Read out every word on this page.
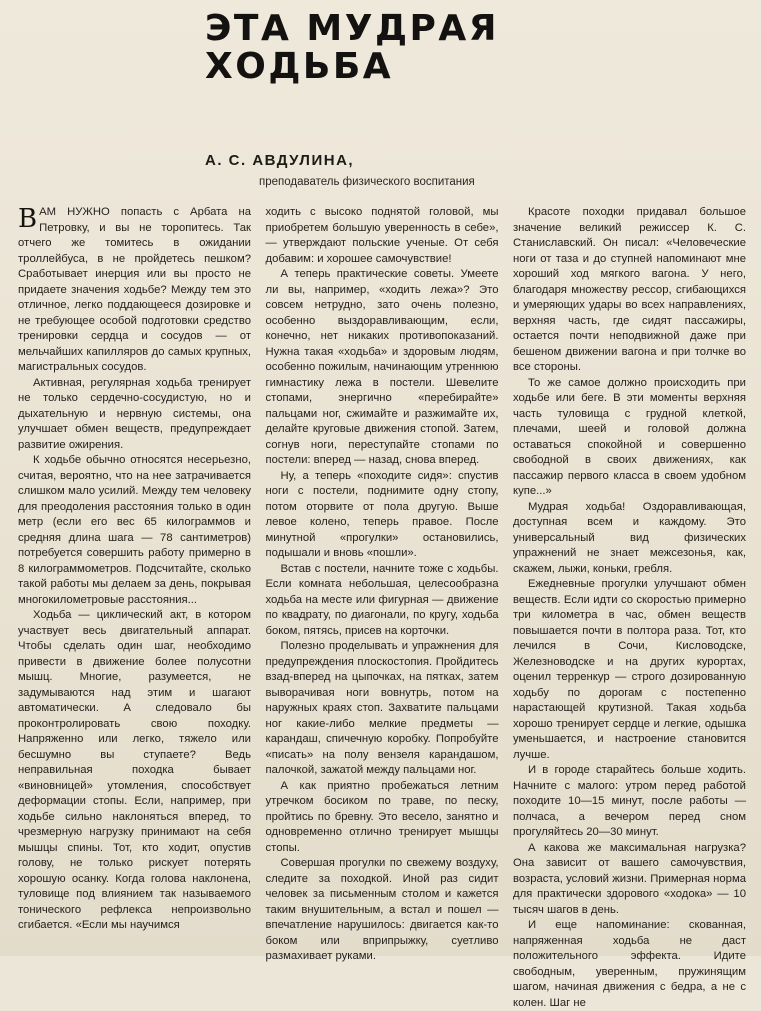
ЭТА МУДРАЯ
ХОДЬБА
А. С. АВДУЛИНА,
преподаватель физического воспитания

ВАМ НУЖНО попасть с Арбата на Петровку, и вы не торопитесь. Так отчего же томитесь в ожидании троллейбуса, в не пройдетесь пешком? Сработывает инерция или вы просто не придаете значения ходьбе? Между тем это отличное, легко поддающееся дозировке и не требующее особой подготовки средство тренировки сердца и сосудов — от мельчайших капилляров до самых крупных, магистральных сосудов.

Активная, регулярная ходьба тренирует не только сердечно-сосудистую, но и дыхательную и нервную системы, она улучшает обмен веществ, предупреждает развитие ожирения.

К ходьбе обычно относятся несерьезно, считая, вероятно, что на нее затрачивается слишком мало усилий. Между тем человеку для преодоления расстояния только в один метр (если его вес 65 килограммов и средняя длина шага — 78 сантиметров) потребуется совершить работу примерно в 8 килограммометров. Подсчитайте, сколько такой работы мы делаем за день, покрывая многокилометровые расстояния...

Ходьба — циклический акт, в котором участвует весь двигательный аппарат. Чтобы сделать один шаг, необходимо привести в движение более полусотни мышц. Многие, разумеется, не задумываются над этим и шагают автоматически. А следовало бы проконтролировать свою походку. Напряженно или легко, тяжело или бесшумно вы ступаете? Ведь неправильная походка бывает «виновницей» утомления, способствует деформации стопы. Если, например, при ходьбе сильно наклоняться вперед, то чрезмерную нагрузку принимают на себя мышцы спины. Тот, кто ходит, опустив голову, не только рискует потерять хорошую осанку. Когда голова наклонена, туловище под влиянием так называемого тонического рефлекса непроизвольно сгибается. «Если мы научимся

ходить с высоко поднятой головой, мы приобретем большую уверенность в себе», — утверждают польские ученые. От себя добавим: и хорошее самочувствие!

А теперь практические советы. Умеете ли вы, например, «ходить лежа»? Это совсем нетрудно, зато очень полезно, особенно выздоравливающим, если, конечно, нет никаких противопоказаний. Нужна такая «ходьба» и здоровым людям, особенно пожилым, начинающим утреннюю гимнастику лежа в постели. Шевелите стопами, энергично «перебирайте» пальцами ног, сжимайте и разжимайте их, делайте круговые движения стопой. Затем, согнув ноги, переступайте стопами по постели: вперед — назад, снова вперед.

Ну, а теперь «походите сидя»: спустив ноги с постели, поднимите одну стопу, потом оторвите от пола другую. Выше левое колено, теперь правое. После минутной «прогулки» остановились, подышали и вновь «пошли».

Встав с постели, начните тоже с ходьбы. Если комната небольшая, целесообразна ходьба на месте или фигурная — движение по квадрату, по диагонали, по кругу, ходьба боком, пятясь, присев на корточки.

Полезно проделывать и упражнения для предупреждения плоскостопия. Пройдитесь взад-вперед на цыпочках, на пятках, затем выворачивая ноги вовнутрь, потом на наружных краях стоп. Захватите пальцами ног какие-либо мелкие предметы — карандаш, спичечную коробку. Попробуйте «писать» на полу вензеля карандашом, палочкой, зажатой между пальцами ног.

А как приятно пробежаться летним утречком босиком по траве, по песку, пройтись по бревну. Это весело, занятно и одновременно отлично тренирует мышцы стопы.

Совершая прогулки по свежему воздуху, следите за походкой. Иной раз сидит человек за письменным столом и кажется таким внушительным, а встал и пошел — впечатление нарушилось: двигается как-то боком или вприпрыжку, суетливо размахивает руками.

Красоте походки придавал большое значение великий режиссер К. С. Станиславский. Он писал: «Человеческие ноги от таза и до ступней напоминают мне хороший ход мягкого вагона. У него, благодаря множеству рессор, сгибающихся и умеряющих удары во всех направлениях, верхняя часть, где сидят пассажиры, остается почти неподвижной даже при бешеном движении вагона и при толчке во все стороны.

То же самое должно происходить при ходьбе или беге. В эти моменты верхняя часть туловища с грудной клеткой, плечами, шеей и головой должна оставаться спокойной и совершенно свободной в своих движениях, как пассажир первого класса в своем удобном купе...»

Мудрая ходьба! Оздоравливающая, доступная всем и каждому. Это универсальный вид физических упражнений не знает межсезонья, как, скажем, лыжи, коньки, гребля.

Ежедневные прогулки улучшают обмен веществ. Если идти со скоростью примерно три километра в час, обмен веществ повышается почти в полтора раза. Тот, кто лечился в Сочи, Кисловодске, Железноводске и на других курортах, оценил терренкур — строго дозированную ходьбу по дорогам с постепенно нарастающей крутизной. Такая ходьба хорошо тренирует сердце и легкие, одышка уменьшается, и настроение становится лучше.

И в городе старайтесь больше ходить. Начните с малого: утром перед работой походите 10—15 минут, после работы — полчаса, а вечером перед сном прогуляйтесь 20—30 минут.

А какова же максимальная нагрузка? Она зависит от вашего самочувствия, возраста, условий жизни. Примерная норма для практически здорового «ходока» — 10 тысяч шагов в день.

И еще напоминание: скованная, напряженная ходьба не даст положительного эффекта. Идите свободным, уверенным, пружинящим шагом, начиная движения с бедра, а не с колен. Шаг не
